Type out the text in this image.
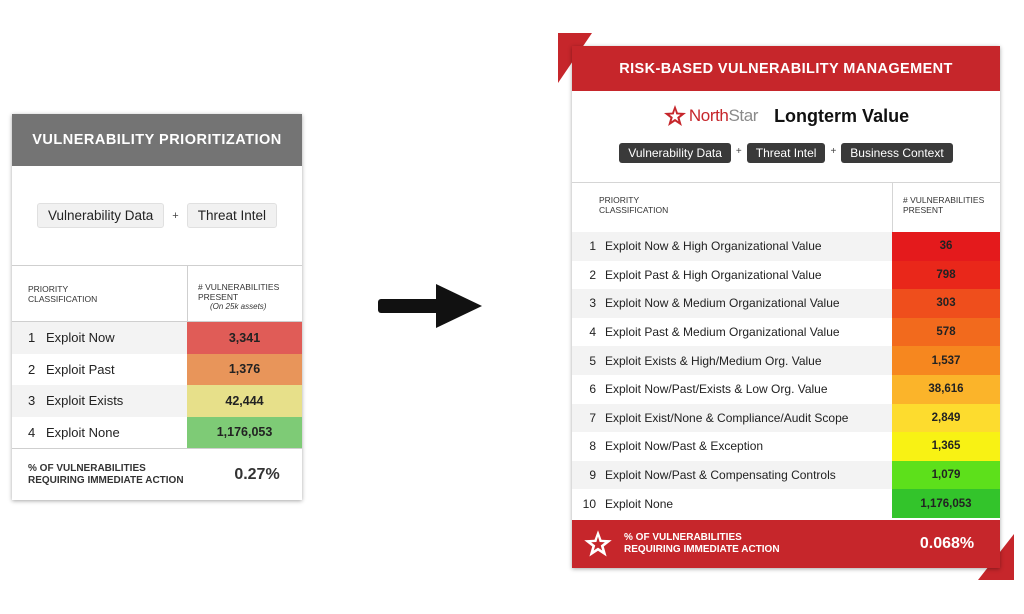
VULNERABILITY PRIORITIZATION
Vulnerability Data	+	Threat Intel
PRIORITY
CLASSIFICATION
# VULNERABILITIES
PRESENT
(On 25k assets)
1 Exploit Now	3,341
2 Exploit Past	1,376
3 Exploit Exists	42,444
4 Exploit None	1,176,053
% OF VULNERABILITIES
REQUIRING IMMEDIATE ACTION	0.27%
RISK-BASED VULNERABILITY MANAGEMENT
NorthStar Longterm Value
Vulnerability Data	+	Threat Intel	+	Business Context
PRIORITY
CLASSIFICATION
# VULNERABILITIES
PRESENT
1 Exploit Now & High Organizational Value	36
2 Exploit Past & High Organizational Value	798
3 Exploit Now & Medium Organizational Value	303
4 Exploit Past & Medium Organizational Value	578
5 Exploit Exists & High/Medium Org. Value	1,537
6 Exploit Now/Past/Exists & Low Org. Value	38,616
7 Exploit Exist/None & Compliance/Audit Scope	2,849
8 Exploit Now/Past & Exception	1,365
9 Exploit Now/Past & Compensating Controls	1,079
10 Exploit None	1,176,053
% OF VULNERABILITIES
REQUIRING IMMEDIATE ACTION	0.068%
